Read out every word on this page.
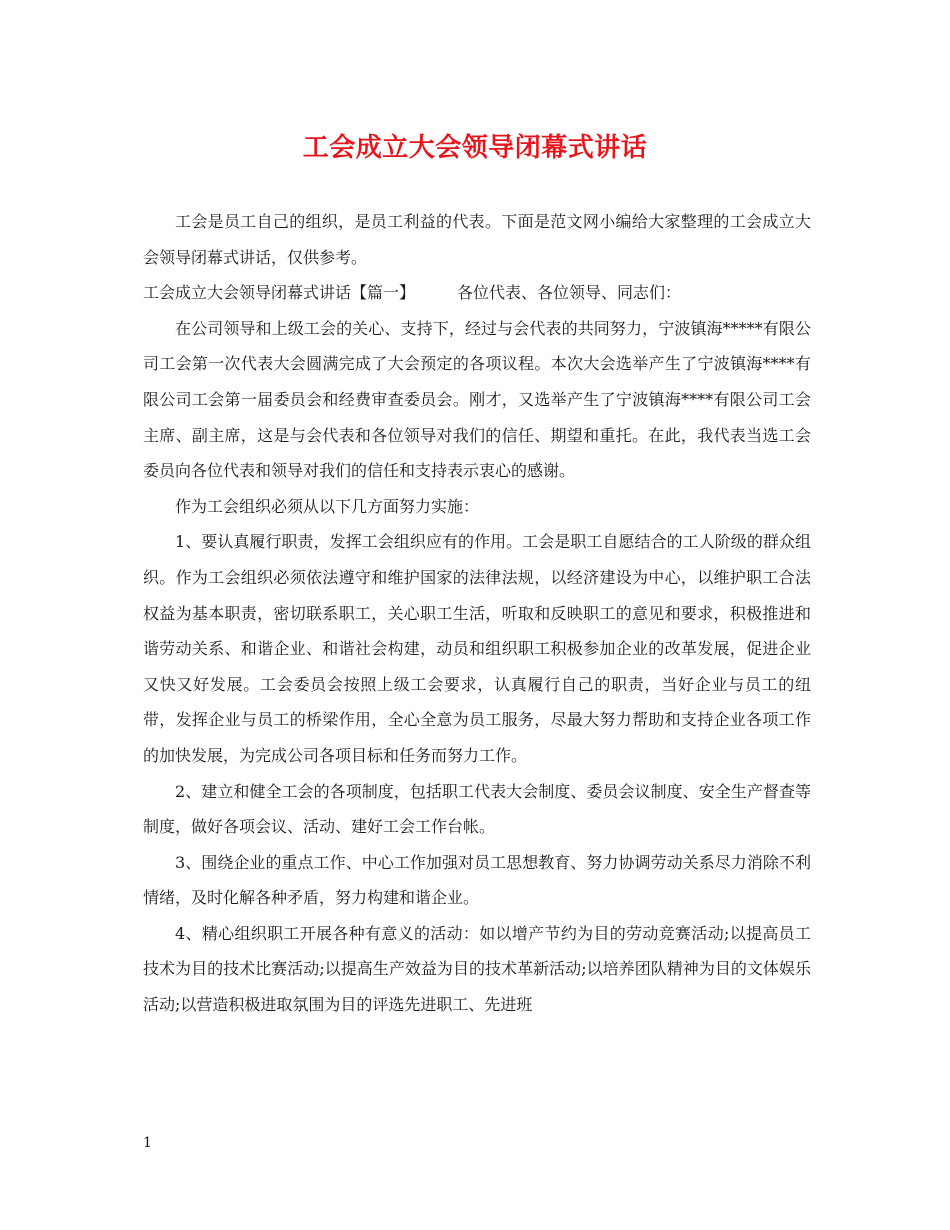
工会成立大会领导闭幕式讲话

工会是员工自己的组织，是员工利益的代表。下面是范文网小编给大家整理的工会成立大会领导闭幕式讲话，仅供参考。

工会成立大会领导闭幕式讲话【篇一】	各位代表、各位领导、同志们：

在公司领导和上级工会的关心、支持下，经过与会代表的共同努力，宁波镇海*****有限公司工会第一次代表大会圆满完成了大会预定的各项议程。本次大会选举产生了宁波镇海****有限公司工会第一届委员会和经费审查委员会。刚才，又选举产生了宁波镇海****有限公司工会主席、副主席，这是与会代表和各位领导对我们的信任、期望和重托。在此，我代表当选工会委员向各位代表和领导对我们的信任和支持表示衷心的感谢。

作为工会组织必须从以下几方面努力实施：

1、要认真履行职责，发挥工会组织应有的作用。工会是职工自愿结合的工人阶级的群众组织。作为工会组织必须依法遵守和维护国家的法律法规，以经济建设为中心，以维护职工合法权益为基本职责，密切联系职工，关心职工生活，听取和反映职工的意见和要求，积极推进和谐劳动关系、和谐企业、和谐社会构建，动员和组织职工积极参加企业的改革发展，促进企业又快又好发展。工会委员会按照上级工会要求，认真履行自己的职责，当好企业与员工的纽带，发挥企业与员工的桥梁作用，全心全意为员工服务，尽最大努力帮助和支持企业各项工作的加快发展，为完成公司各项目标和任务而努力工作。

2、建立和健全工会的各项制度，包括职工代表大会制度、委员会议制度、安全生产督查等制度，做好各项会议、活动、建好工会工作台帐。

3、围绕企业的重点工作、中心工作加强对员工思想教育、努力协调劳动关系尽力消除不利情绪，及时化解各种矛盾，努力构建和谐企业。

4、精心组织职工开展各种有意义的活动：如以增产节约为目的劳动竞赛活动;以提高员工技术为目的技术比赛活动;以提高生产效益为目的技术革新活动;以培养团队精神为目的文体娱乐活动;以营造积极进取氛围为目的评选先进职工、先进班

1
